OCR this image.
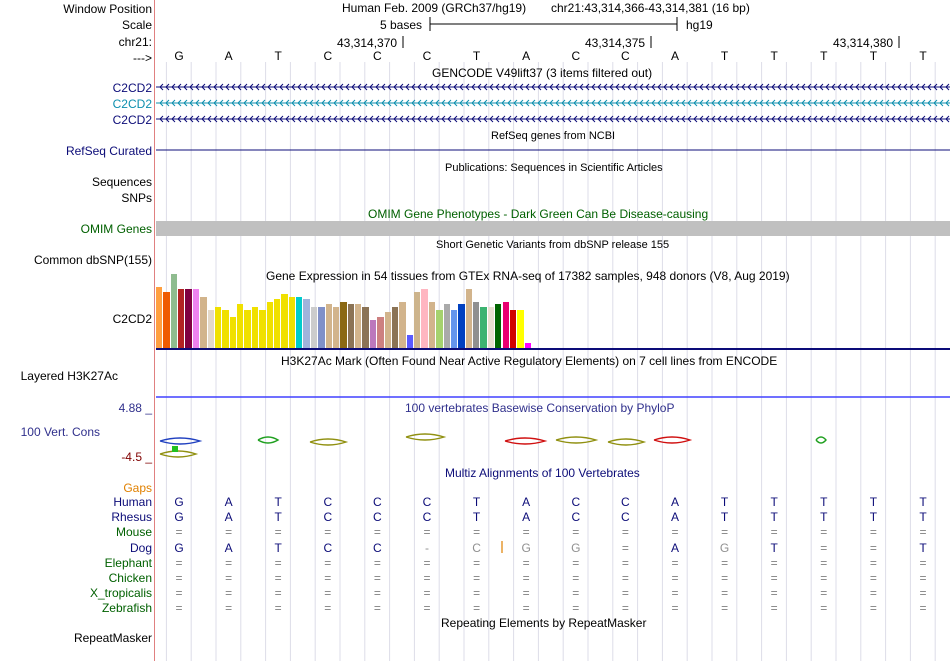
Window Position	Human Feb. 2009 (GRCh37/hg19) chr21:43,314,366-43,314,381 (16 bp)
Scale	5 bases	hg19
chr21:	43,314,370	43,314,375	43,314,380
---> G	A	T	C	C	C	T	A	C	C	A	T	T	T	T	T
GENCODE V49lift37 (3 items filtered out)
C2CD2
C2CD2
C2CD2
RefSeq genes from NCBI
RefSeq Curated
Publications: Sequences in Scientific Articles
Sequences
SNPs
OMIM Gene Phenotypes - Dark Green Can Be Disease-causing
OMIM Genes
Short Genetic Variants from dbSNP release 155
Common dbSNP(155)
Gene Expression in 54 tissues from GTEx RNA-seq of 17382 samples, 948 donors (V8, Aug 2019)
C2CD2
H3K27Ac Mark (Often Found Near Active Regulatory Elements) on 7 cell lines from ENCODE
Layered H3K27Ac
100 vertebrates Basewise Conservation by PhyloP
4.88 _
100 Vert. Cons
-4.5 _
Multiz Alignments of 100 Vertebrates
Gaps
Human G	A	T	C	C	C	T	A	C	C	A	T	T	T	T	T
Rhesus G	A	T	C	C	C	T	A	C	C	A	T	T	T	T	T
Mouse	=	=	=	=	=	=	=	=	=	=	=	=	=	=	=	=
Dog G	A	T	C	C	-	C	G	G	=	A	G	T	=	=	T
Elephant	=	=	=	=	=	=	=	=	=	=	=	=	=	=	=	=
Chicken	=	=	=	=	=	=	=	=	=	=	=	=	=	=	=	=
X_tropicalis	=	=	=	=	=	=	=	=	=	=	=	=	=	=	=	=
Zebrafish	=	=	=	=	=	=	=	=	=	=	=	=	=	=	=	=
Repeating Elements by RepeatMasker
RepeatMasker
